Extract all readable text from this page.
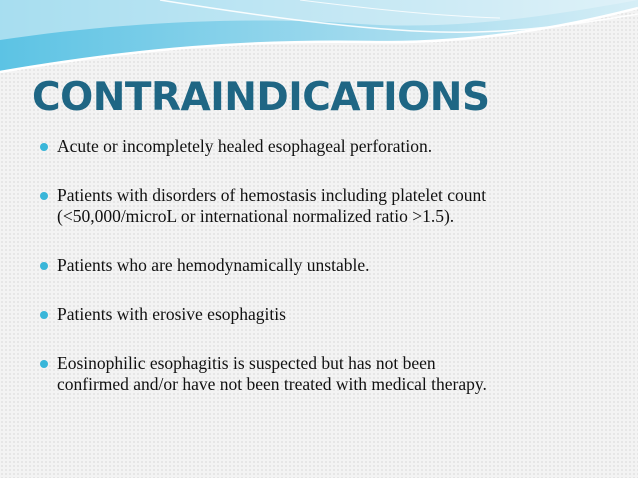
CONTRAINDICATIONS
Acute or incompletely healed esophageal perforation.
Patients with disorders of hemostasis including platelet count
(<50,000/microL or international normalized ratio >1.5).
Patients who are hemodynamically unstable.
Patients with erosive esophagitis
Eosinophilic esophagitis is suspected but has not been
confirmed and/or have not been treated with medical therapy.
